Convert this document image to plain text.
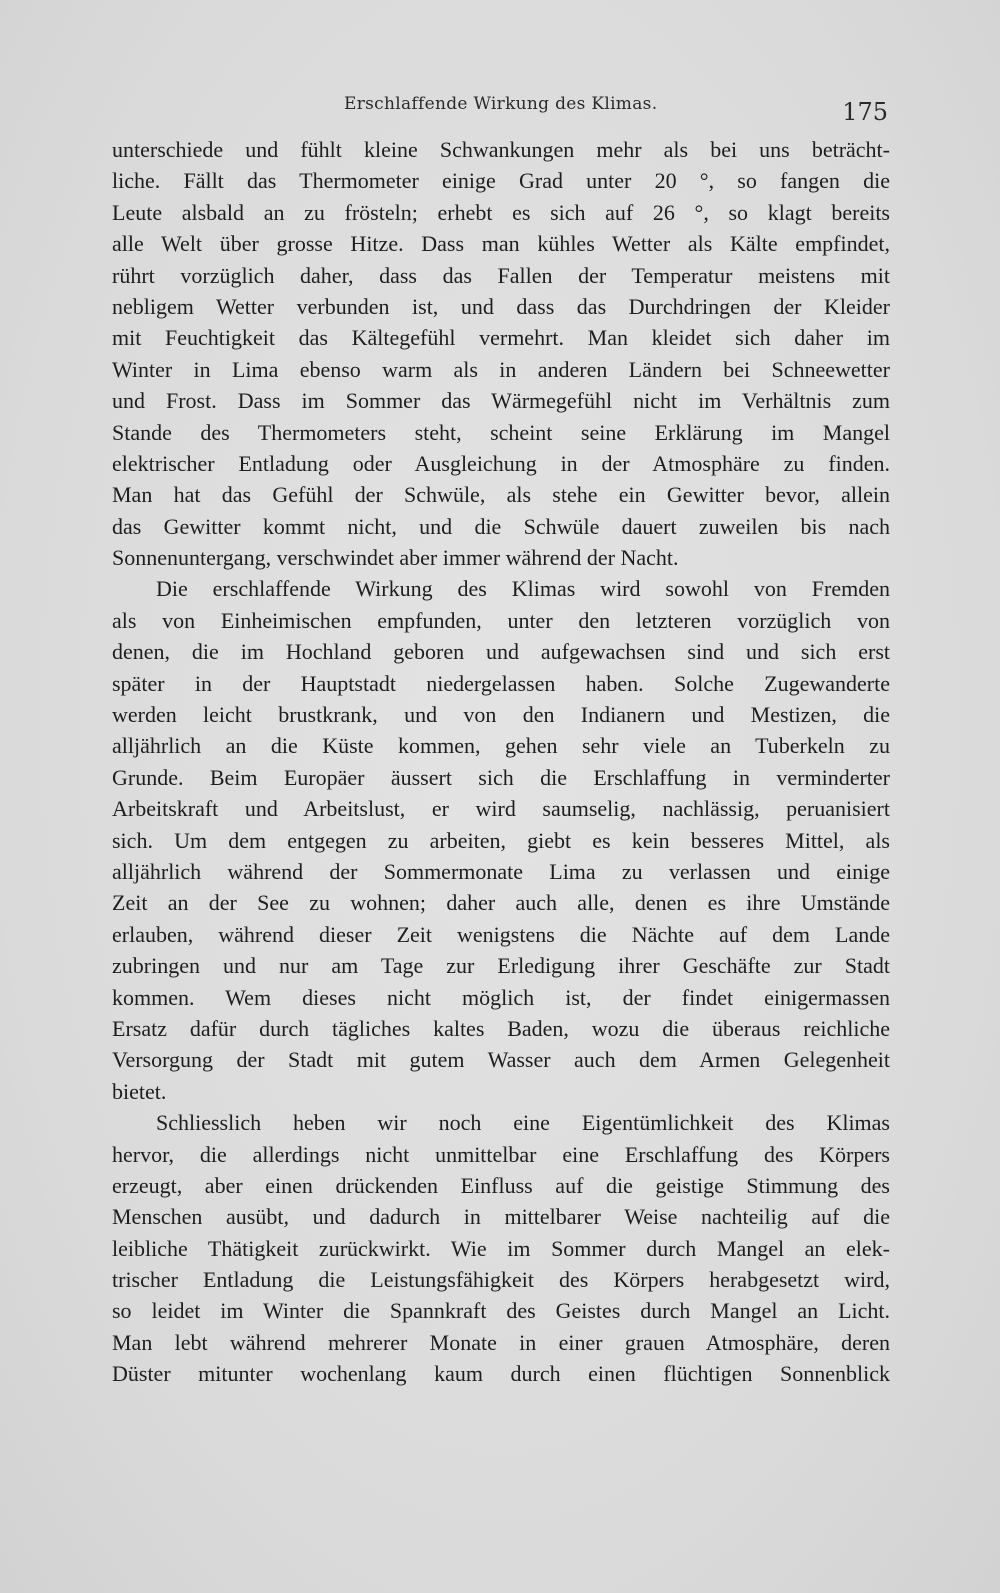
Erschlaffende Wirkung des Klimas.	175
unterschiede und fühlt kleine Schwankungen mehr als bei uns beträcht-
liche. Fällt das Thermometer einige Grad unter 20 °, so fangen die
Leute alsbald an zu frösteln; erhebt es sich auf 26 °, so klagt bereits
alle Welt über grosse Hitze. Dass man kühles Wetter als Kälte empfindet,
rührt vorzüglich daher, dass das Fallen der Temperatur meistens mit
nebligem Wetter verbunden ist, und dass das Durchdringen der Kleider
mit Feuchtigkeit das Kältegefühl vermehrt. Man kleidet sich daher im
Winter in Lima ebenso warm als in anderen Ländern bei Schneewetter
und Frost. Dass im Sommer das Wärmegefühl nicht im Verhältnis zum
Stande des Thermometers steht, scheint seine Erklärung im Mangel
elektrischer Entladung oder Ausgleichung in der Atmosphäre zu finden.
Man hat das Gefühl der Schwüle, als stehe ein Gewitter bevor, allein
das Gewitter kommt nicht, und die Schwüle dauert zuweilen bis nach
Sonnenuntergang, verschwindet aber immer während der Nacht.
Die erschlaffende Wirkung des Klimas wird sowohl von Fremden
als von Einheimischen empfunden, unter den letzteren vorzüglich von
denen, die im Hochland geboren und aufgewachsen sind und sich erst
später in der Hauptstadt niedergelassen haben. Solche Zugewanderte
werden leicht brustkrank, und von den Indianern und Mestizen, die
alljährlich an die Küste kommen, gehen sehr viele an Tuberkeln zu
Grunde. Beim Europäer äussert sich die Erschlaffung in verminderter
Arbeitskraft und Arbeitslust, er wird saumselig, nachlässig, peruanisiert
sich. Um dem entgegen zu arbeiten, giebt es kein besseres Mittel, als
alljährlich während der Sommermonate Lima zu verlassen und einige
Zeit an der See zu wohnen; daher auch alle, denen es ihre Umstände
erlauben, während dieser Zeit wenigstens die Nächte auf dem Lande
zubringen und nur am Tage zur Erledigung ihrer Geschäfte zur Stadt
kommen. Wem dieses nicht möglich ist, der findet einigermassen
Ersatz dafür durch tägliches kaltes Baden, wozu die überaus reichliche
Versorgung der Stadt mit gutem Wasser auch dem Armen Gelegenheit
bietet.
Schliesslich heben wir noch eine Eigentümlichkeit des Klimas
hervor, die allerdings nicht unmittelbar eine Erschlaffung des Körpers
erzeugt, aber einen drückenden Einfluss auf die geistige Stimmung des
Menschen ausübt, und dadurch in mittelbarer Weise nachteilig auf die
leibliche Thätigkeit zurückwirkt. Wie im Sommer durch Mangel an elek-
trischer Entladung die Leistungsfähigkeit des Körpers herabgesetzt wird,
so leidet im Winter die Spannkraft des Geistes durch Mangel an Licht.
Man lebt während mehrerer Monate in einer grauen Atmosphäre, deren
Düster mitunter wochenlang kaum durch einen flüchtigen Sonnenblick
